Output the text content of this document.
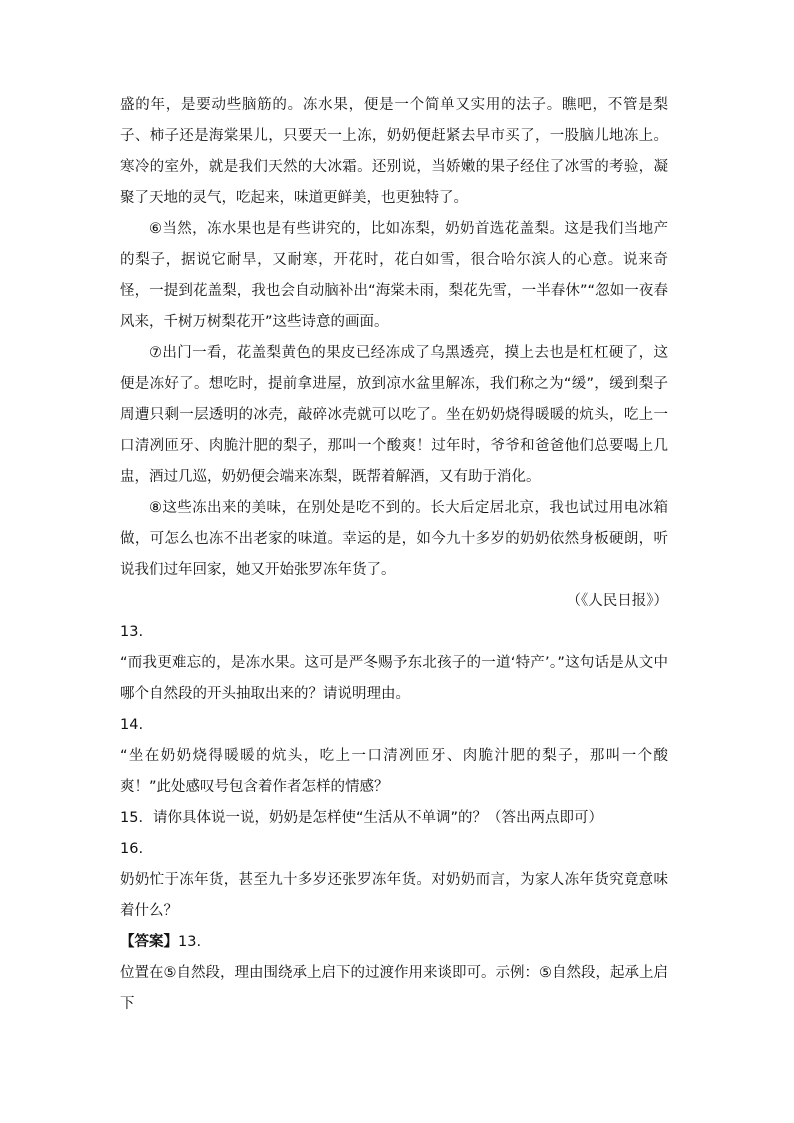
盛的年，是要动些脑筋的。冻水果，便是一个简单又实用的法子。瞧吧，不管是梨子、柿子还是海棠果儿，只要天一上冻，奶奶便赶紧去早市买了，一股脑儿地冻上。寒冷的室外，就是我们天然的大冰霜。还别说，当娇嫩的果子经住了冰雪的考验，凝聚了天地的灵气，吃起来，味道更鲜美，也更独特了。

⑥当然，冻水果也是有些讲究的，比如冻梨，奶奶首选花盖梨。这是我们当地产的梨子，据说它耐旱，又耐寒，开花时，花白如雪，很合哈尔滨人的心意。说来奇怪，一提到花盖梨，我也会自动脑补出“海棠未雨，梨花先雪，一半春休”“忽如一夜春风来，千树万树梨花开”这些诗意的画面。

⑦出门一看，花盖梨黄色的果皮已经冻成了乌黑透亮，摸上去也是杠杠硬了，这便是冻好了。想吃时，提前拿进屋，放到凉水盆里解冻，我们称之为“缓”，缓到梨子周遭只剩一层透明的冰壳，敲碎冰壳就可以吃了。坐在奶奶烧得暖暖的炕头，吃上一口清冽匝牙、肉脆汁肥的梨子，那叫一个酸爽！过年时，爷爷和爸爸他们总要喝上几盅，酒过几巡，奶奶便会端来冻梨，既帮着解酒，又有助于消化。

⑧这些冻出来的美味，在别处是吃不到的。长大后定居北京，我也试过用电冰箱做，可怎么也冻不出老家的味道。幸运的是，如今九十多岁的奶奶依然身板硬朗，听说我们过年回家，她又开始张罗冻年货了。

（《人民日报》）

13.

“而我更难忘的，是冻水果。这可是严冬赐予东北孩子的一道‘特产’。”这句话是从文中哪个自然段的开头抽取出来的？请说明理由。

14.

“坐在奶奶烧得暖暖的炕头，吃上一口清冽匝牙、肉脆汁肥的梨子，那叫一个酸爽！”此处感叹号包含着作者怎样的情感？

15．请你具体说一说，奶奶是怎样使“生活从不单调”的？（答出两点即可）

16.

奶奶忙于冻年货，甚至九十多岁还张罗冻年货。对奶奶而言，为家人冻年货究竟意味着什么？

【答案】13.

位置在⑤自然段，理由围绕承上启下的过渡作用来谈即可。示例：⑤自然段，起承上启下
